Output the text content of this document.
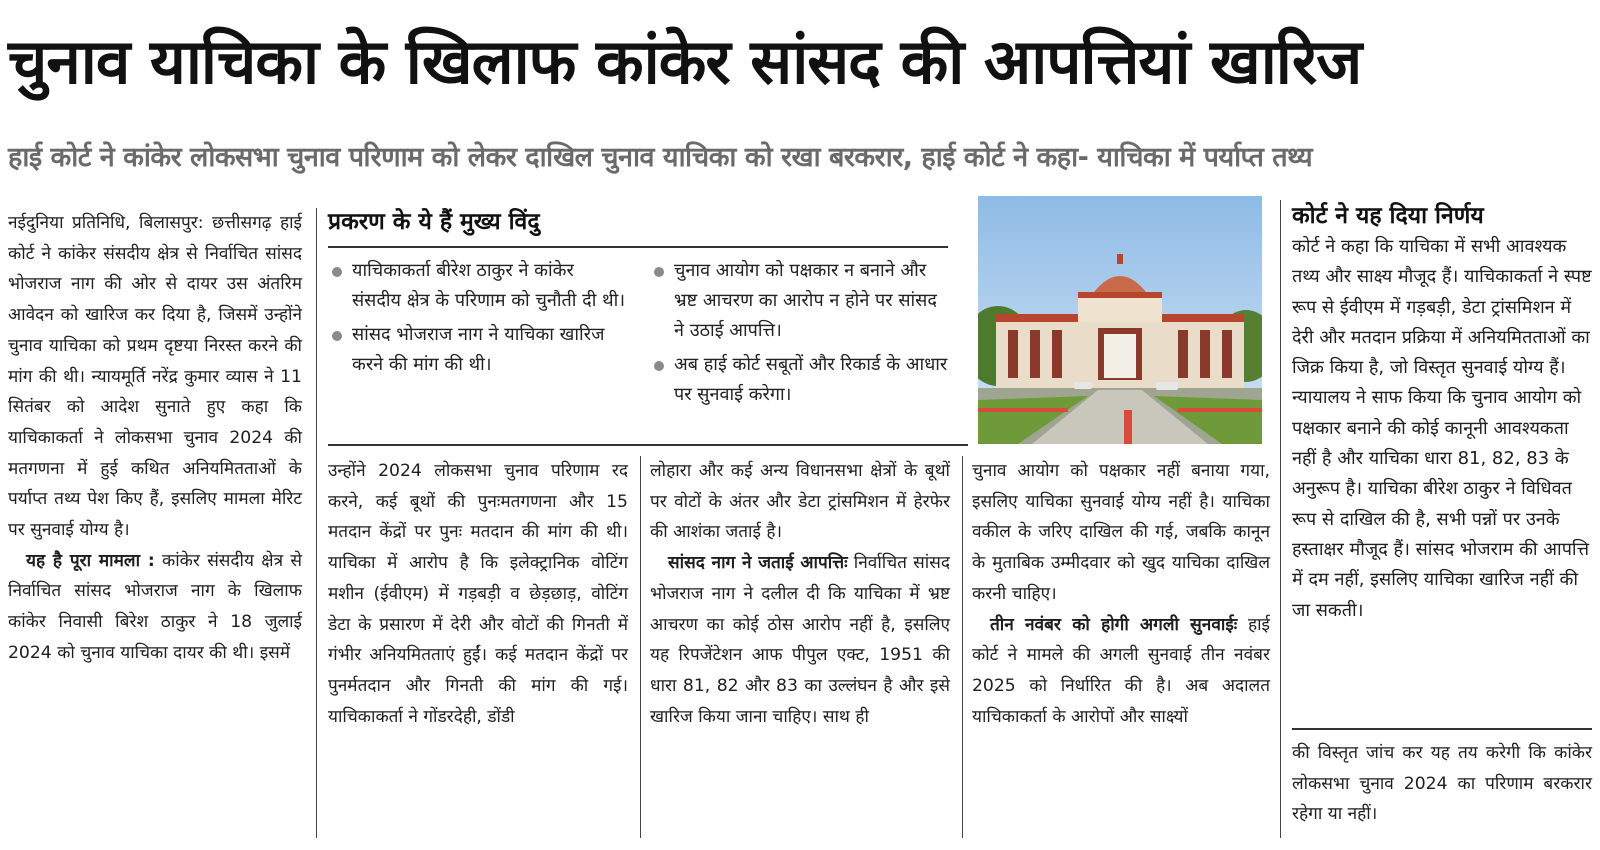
चुनाव याचिका के खिलाफ कांकेर सांसद की आपत्तियां खारिज
हाई कोर्ट ने कांकेर लोकसभा चुनाव परिणाम को लेकर दाखिल चुनाव याचिका को रखा बरकरार, हाई कोर्ट ने कहा- याचिका में पर्याप्त तथ्य

नईदुनिया प्रतिनिधि, बिलासपुर: छत्तीसगढ़ हाई कोर्ट ने कांकेर संसदीय क्षेत्र से निर्वाचित सांसद भोजराज नाग की ओर से दायर उस अंतरिम आवेदन को खारिज कर दिया है, जिसमें उन्होंने चुनाव याचिका को प्रथम दृष्टया निरस्त करने की मांग की थी। न्यायमूर्ति नरेंद्र कुमार व्यास ने 11 सितंबर को आदेश सुनाते हुए कहा कि याचिकाकर्ता ने लोकसभा चुनाव 2024 की मतगणना में हुई कथित अनियमितताओं के पर्याप्त तथ्य पेश किए हैं, इसलिए मामला मेरिट पर सुनवाई योग्य है।

यह है पूरा मामला : कांकेर संसदीय क्षेत्र से निर्वाचित सांसद भोजराज नाग के खिलाफ कांकेर निवासी बिरेश ठाकुर ने 18 जुलाई 2024 को चुनाव याचिका दायर की थी। इसमें

प्रकरण के ये हैं मुख्य विंदु
याचिकाकर्ता बीरेश ठाकुर ने कांकेर संसदीय क्षेत्र के परिणाम को चुनौती दी थी।
सांसद भोजराज नाग ने याचिका खारिज करने की मांग की थी।
चुनाव आयोग को पक्षकार न बनाने और भ्रष्ट आचरण का आरोप न होने पर सांसद ने उठाई आपत्ति।
अब हाई कोर्ट सबूतों और रिकार्ड के आधार पर सुनवाई करेगा।

उन्होंने 2024 लोकसभा चुनाव परिणाम रद करने, कई बूथों की पुनःमतगणना और 15 मतदान केंद्रों पर पुनः मतदान की मांग की थी। याचिका में आरोप है कि इलेक्ट्रानिक वोटिंग मशीन (ईवीएम) में गड़बड़ी व छेड़छाड़, वोटिंग डेटा के प्रसारण में देरी और वोटों की गिनती में गंभीर अनियमितताएं हुईं। कई मतदान केंद्रों पर पुनर्मतदान और गिनती की मांग की गई। याचिकाकर्ता ने गोंडरदेही, डोंडी

लोहारा और कई अन्य विधानसभा क्षेत्रों के बूथों पर वोटों के अंतर और डेटा ट्रांसमिशन में हेरफेर की आशंका जताई है।

सांसद नाग ने जताई आपत्तिः निर्वाचित सांसद भोजराज नाग ने दलील दी कि याचिका में भ्रष्ट आचरण का कोई ठोस आरोप नहीं है, इसलिए यह रिपजेंटेशन आफ पीपुल एक्ट, 1951 की धारा 81, 82 और 83 का उल्लंघन है और इसे खारिज किया जाना चाहिए। साथ ही

चुनाव आयोग को पक्षकार नहीं बनाया गया, इसलिए याचिका सुनवाई योग्य नहीं है। याचिका वकील के जरिए दाखिल की गई, जबकि कानून के मुताबिक उम्मीदवार को खुद याचिका दाखिल करनी चाहिए।

तीन नवंबर को होगी अगली सुनवाईः हाई कोर्ट ने मामले की अगली सुनवाई तीन नवंबर 2025 को निर्धारित की है। अब अदालत याचिकाकर्ता के आरोपों और साक्ष्यों

कोर्ट ने यह दिया निर्णय

कोर्ट ने कहा कि याचिका में सभी आवश्यक तथ्य और साक्ष्य मौजूद हैं। याचिकाकर्ता ने स्पष्ट रूप से ईवीएम में गड़बड़ी, डेटा ट्रांसमिशन में देरी और मतदान प्रक्रिया में अनियमितताओं का जिक्र किया है, जो विस्तृत सुनवाई योग्य हैं। न्यायालय ने साफ किया कि चुनाव आयोग को पक्षकार बनाने की कोई कानूनी आवश्यकता नहीं है और याचिका धारा 81, 82, 83 के अनुरूप है। याचिका बीरेश ठाकुर ने विधिवत रूप से दाखिल की है, सभी पन्नों पर उनके हस्ताक्षर मौजूद हैं। सांसद भोजराम की आपत्ति में दम नहीं, इसलिए याचिका खारिज नहीं की जा सकती।

की विस्तृत जांच कर यह तय करेगी कि कांकेर लोकसभा चुनाव 2024 का परिणाम बरकरार रहेगा या नहीं।
